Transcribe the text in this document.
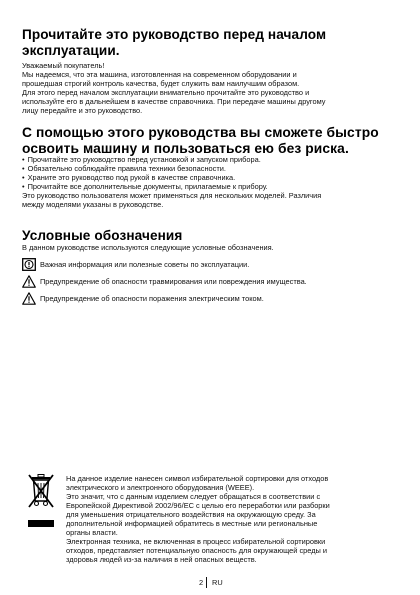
Прочитайте это руководство перед началом
эксплуатации.

Уважаемый покупатель!

Мы надеемся, что эта машина, изготовленная на современном оборудовании и

прошедшая строгий контроль качества, будет служить вам наилучшим образом.

Для этого перед началом эксплуатации внимательно прочитайте это руководство и

используйте его в дальнейшем в качестве справочника. При передаче машины другому

лицу передайте и это руководство.

С помощью этого руководства вы сможете быстро
освоить машину и пользоваться ею без риска.
• Прочитайте это руководство перед установкой и запуском прибора.
• Обязательно соблюдайте правила техники безопасности.
• Храните это руководство под рукой в качестве справочника.
• Прочитайте все дополнительные документы, прилагаемые к прибору.

Это руководство пользователя может применяться для нескольких моделей. Различия

между моделями указаны в руководстве.

Условные обозначения

В данном руководстве используются следующие условные обозначения.

Важная информация или полезные советы по эксплуатации.
Предупреждение об опасности травмирования или повреждения имущества.
Предупреждение об опасности поражения электрическим током.

На данное изделие нанесен символ избирательной сортировки для отходов

электрического и электронного оборудования (WEEE).

Это значит, что с данным изделием следует обращаться в соответствии с

Европейской Директивой 2002/96/EC с целью его переработки или разборки

для уменьшения отрицательного воздействия на окружающую среду. За

дополнительной информацией обратитесь в местные или региональные

органы власти.

Электронная техника, не включенная в процесс избирательной сортировки

отходов, представляет потенциальную опасность для окружающей среды и

здоровья людей из-за наличия в ней опасных веществ.

2 RU
